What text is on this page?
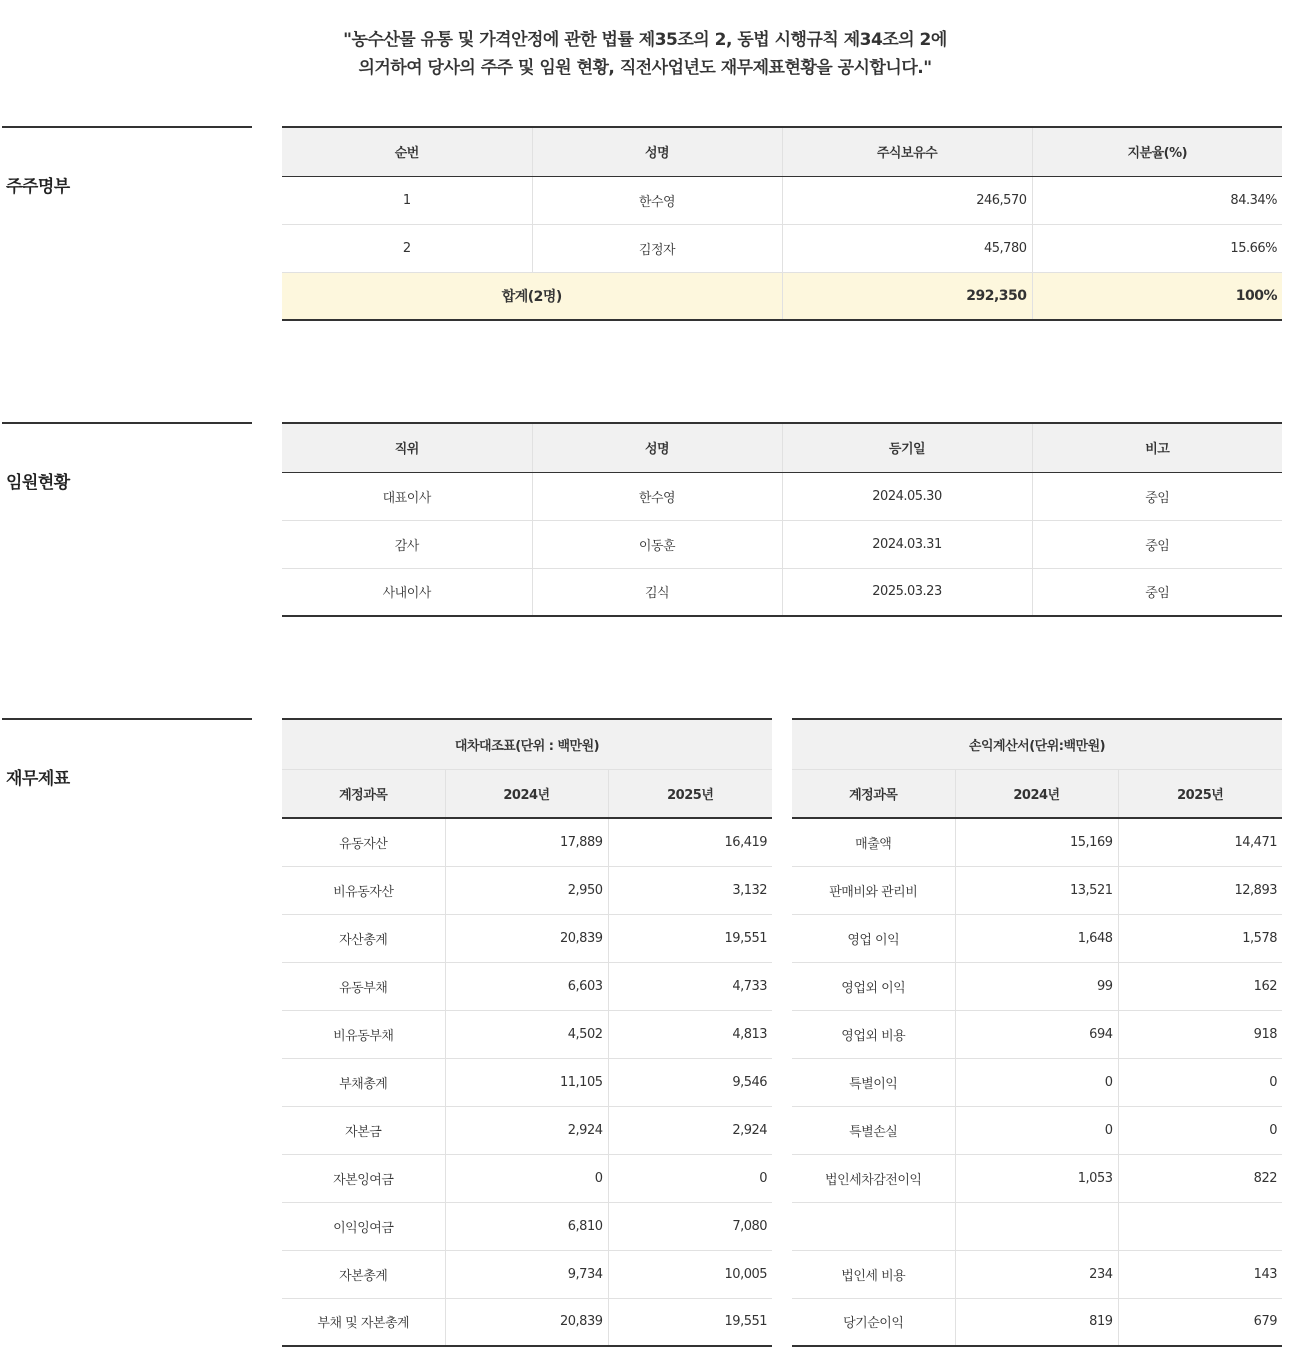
"농수산물 유통 및 가격안정에 관한 법률 제35조의 2, 동법 시행규칙 제34조의 2에
의거하여 당사의 주주 및 임원 현황, 직전사업년도 재무제표현황을 공시합니다."
주주명부
순번	성명	주식보유수	지분율(%)
1	한수영	246,570	84.34%
2	김정자	45,780	15.66%
합계(2명)		292,350	100%
임원현황
직위	성명	등기일	비고
대표이사	한수영	2024.05.30	중임
감사	이동훈	2024.03.31	중임
사내이사	김식	2025.03.23	중임
재무제표
대차대조표(단위 : 백만원)		
계정과목	2024년	2025년
유동자산	17,889	16,419
비유동자산	2,950	3,132
자산총계	20,839	19,551
유동부채	6,603	4,733
비유동부채	4,502	4,813
부채총계	11,105	9,546
자본금	2,924	2,924
자본잉여금	0	0
이익잉여금	6,810	7,080
자본총계	9,734	10,005
부채 및 자본총계	20,839	19,551
손익계산서(단위:백만원)		
계정과목	2024년	2025년
매출액	15,169	14,471
판매비와 관리비	13,521	12,893
영업 이익	1,648	1,578
영업외 이익	99	162
영업외 비용	694	918
특별이익	0	0
특별손실	0	0
법인세차감전이익	1,053	822

법인세 비용	234	143
당기순이익	819	679
